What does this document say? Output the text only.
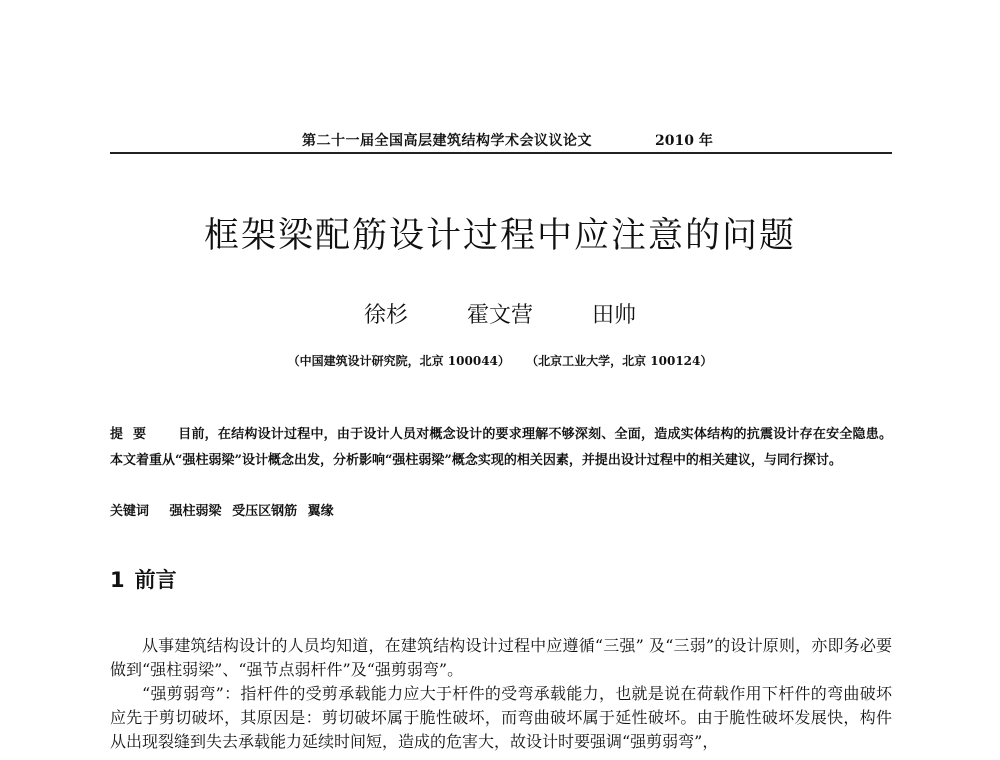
第二十一届全国高层建筑结构学术会议议论文	2010 年
框架梁配筋设计过程中应注意的问题
徐杉	霍文营	田帅
（中国建筑设计研究院，北京 100044） （北京工业大学，北京 100124）
提要 目前，在结构设计过程中，由于设计人员对概念设计的要求理解不够深刻、全面，造成实体结构的抗震设计存在安全隐患。本文着重从“强柱弱梁”设计概念出发，分析影响“强柱弱梁”概念实现的相关因素，并提出设计过程中的相关建议，与同行探讨。
关键词 强柱弱梁 受压区钢筋 翼缘
1 前言

从事建筑结构设计的人员均知道，在建筑结构设计过程中应遵循“三强” 及“三弱”的设计原则，亦即务必要做到“强柱弱梁”、“强节点弱杆件”及“强剪弱弯”。

“强剪弱弯”：指杆件的受剪承载能力应大于杆件的受弯承载能力，也就是说在荷载作用下杆件的弯曲破坏应先于剪切破坏，其原因是：剪切破坏属于脆性破坏，而弯曲破坏属于延性破坏。由于脆性破坏发展快，构件从出现裂缝到失去承载能力延续时间短，造成的危害大，故设计时要强调“强剪弱弯”，
